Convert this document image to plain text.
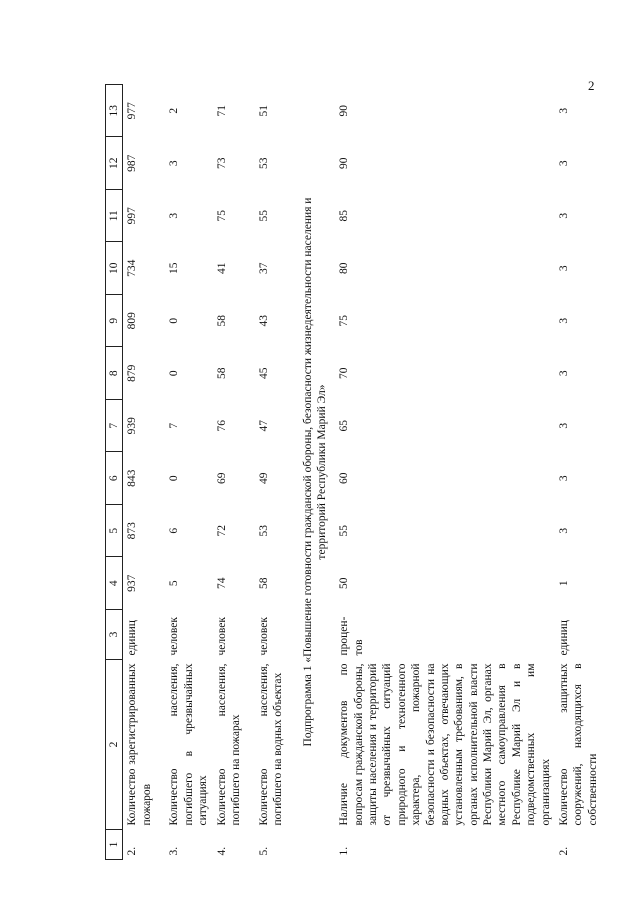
2
1	2	3	4	5	6	7	8	9	10	11	12	13
2.	Количество зарегистрированных пожаров	единиц	937	873	843	939	879	809	734	997	987	977
3.	Количество населения, погибшего в чрезвычайных ситуациях	человек	5	6	0	7	0	0	15	3	3	2
4.	Количество населения, погибшего на пожарах	человек	74	72	69	76	58	58	41	75	73	71
5.	Количество населения, погибшего на водных объектах	человек	58	53	49	47	45	43	37	55	53	51
Подпрограмма 1 «Повышение готовности гражданской обороны, безопасности жизнедеятельности населения и территорий Республики Марий Эл»												
1.	Наличие документов по вопросам гражданской обороны, защиты населения и территорий от чрезвычайных ситуаций природного и техногенного характера, пожарной безопасности и безопасности на водных объектах, отвечающих установленным требованиям, в органах исполнительной власти Республики Марий Эл, органах местного самоуправления в Республике Марий Эл и в подведомственных им организациях	процен- тов	50	55	60	65	70	75	80	85	90	90
2.	Количество защитных сооружений, находящихся в собственности	единиц	1	3	3	3	3	3	3	3	3	3
